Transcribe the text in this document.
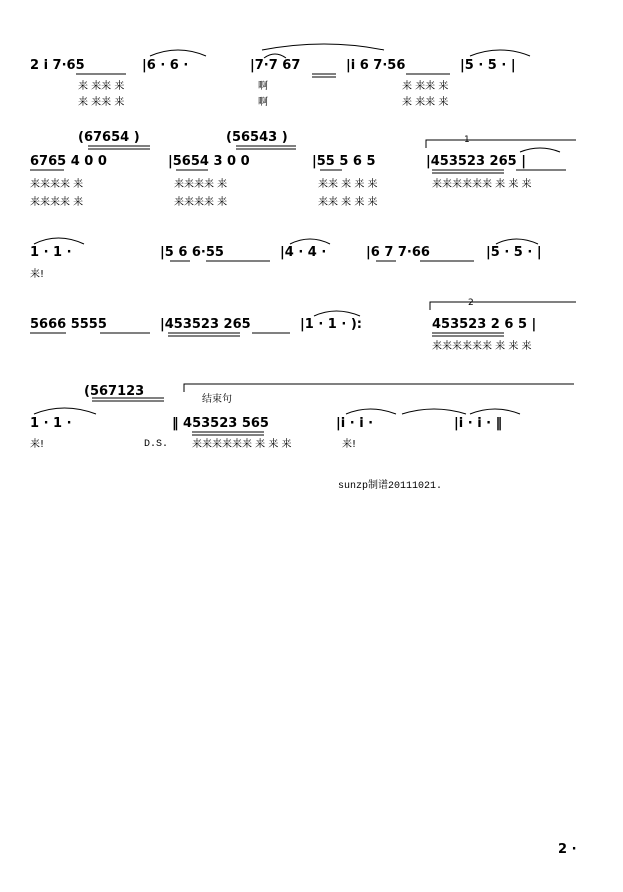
2 i 7·65	|6 · 6 ·	|7·7 67	|i 6 7·56	|5 · 5 · |
来 来来 来	啊	来 来来 来
来 来来 来	啊	来 来来 来
(67654 )	(56543 )	1
6765 4 0 0	|5654 3 0 0	|55 5 6 5	|453523 265 |
来来来来 来	来来来来 来	来来 来 来 来	来来来来来来 来 来 来
来来来来 来	来来来来 来	来来 来 来 来
1 · 1 ·	|5 6 6·55	|4 · 4 ·	|6 7 7·66	|5 · 5 · |
来!
2
5666 5555	|453523 265	|1 · 1 · ):	453523 2 6 5 |
来来来来来来 来 来 来
(567123
结束句
1 · 1 ·	‖ 453523 565	|i · i ·	|i · i · ‖
来!	D.S. 来来来来来来 来 来 来	来!
sunzp制谱20111021.
2 ·
